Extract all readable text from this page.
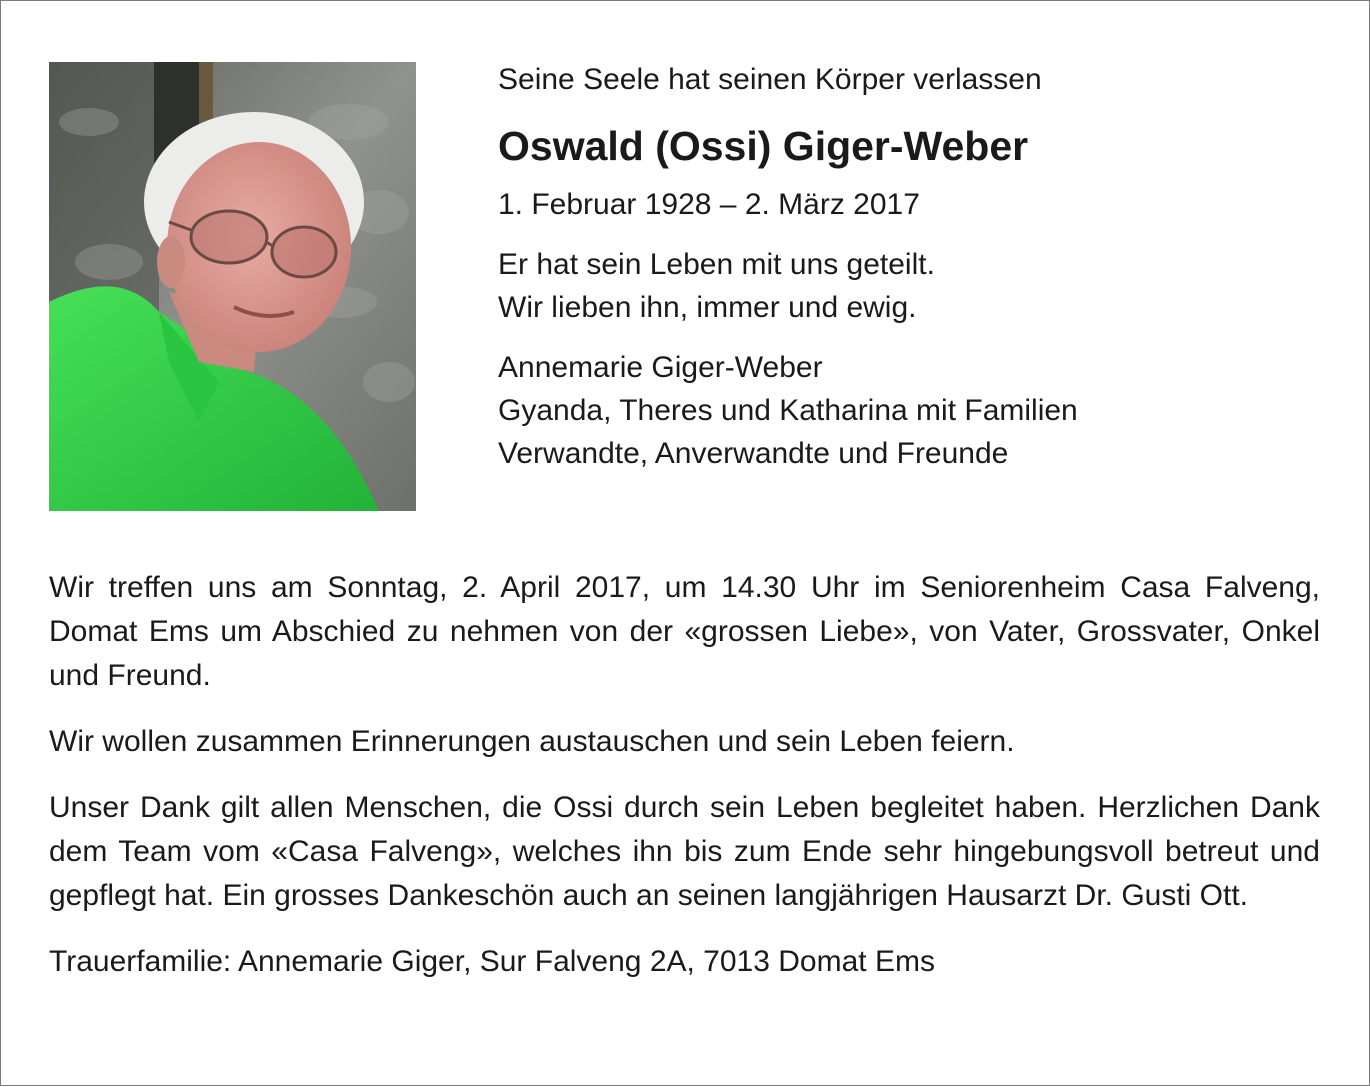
Seine Seele hat seinen Körper verlassen

Oswald (Ossi) Giger-Weber

1. Februar 1928 – 2. März 2017

Er hat sein Leben mit uns geteilt.

Wir lieben ihn, immer und ewig.

Annemarie Giger-Weber

Gyanda, Theres und Katharina mit Familien

Verwandte, Anverwandte und Freunde

Wir treffen uns am Sonntag, 2. April 2017, um 14.30 Uhr im Seniorenheim Casa Falveng, Domat Ems um Abschied zu nehmen von der «grossen Liebe», von Vater, Grossvater, Onkel und Freund.

Wir wollen zusammen Erinnerungen austauschen und sein Leben feiern.

Unser Dank gilt allen Menschen, die Ossi durch sein Leben begleitet haben. Herzlichen Dank dem Team vom «Casa Falveng», welches ihn bis zum Ende sehr hingebungsvoll betreut und gepflegt hat. Ein grosses Dankeschön auch an seinen langjährigen Hausarzt Dr. Gusti Ott.

Trauerfamilie: Annemarie Giger, Sur Falveng 2A, 7013 Domat Ems
